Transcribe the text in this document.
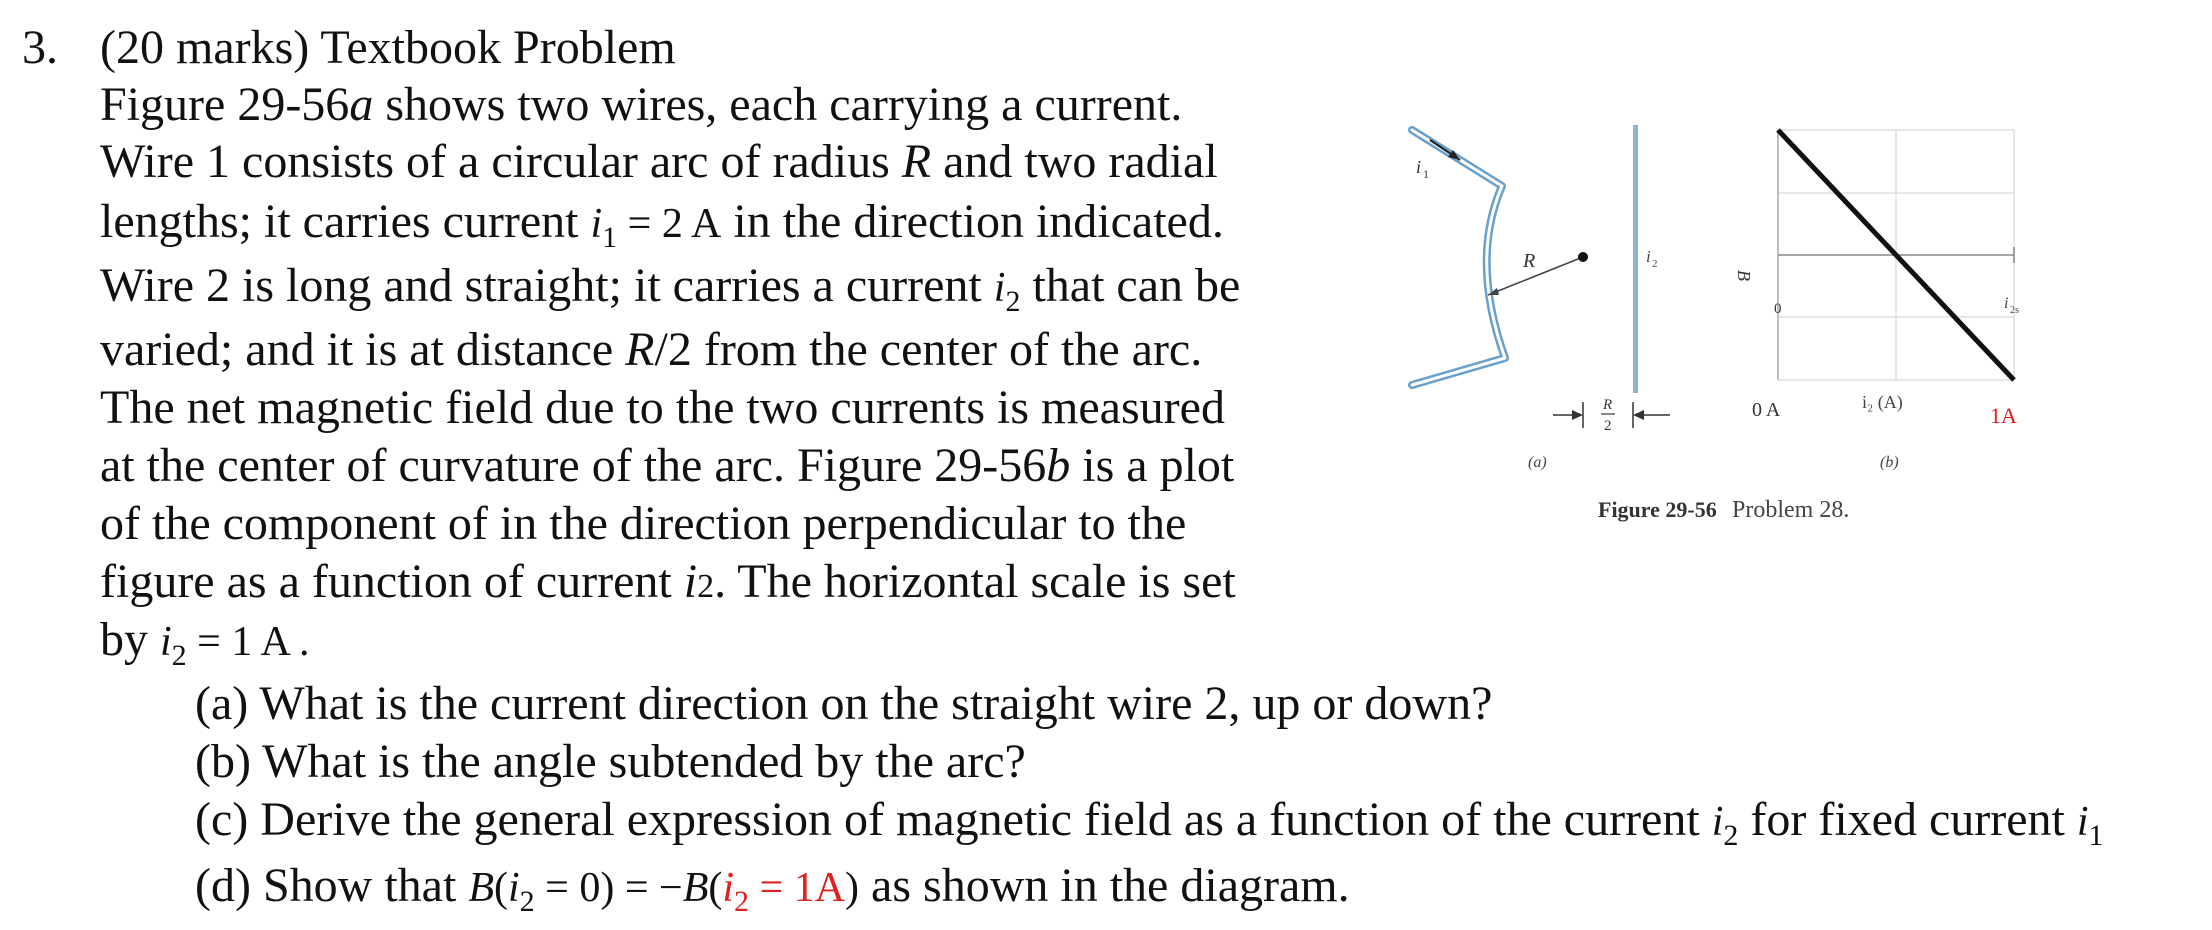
3. (20 marks) Textbook Problem
Figure 29-56a shows two wires, each carrying a current.
Wire 1 consists of a circular arc of radius R and two radial
lengths; it carries current $i_1 = 2$ A in the direction indicated.
Wire 2 is long and straight; it carries a current $i_2$ that can be
varied; and it is at distance R/2 from the center of the arc.
The net magnetic field due to the two currents is measured
at the center of curvature of the arc. Figure 29-56b is a plot
of the component of in the direction perpendicular to the
figure as a function of current i2. The horizontal scale is set
by $i_2 = 1$ A .
(a) What is the current direction on the straight wire 2, up or down?
(b) What is the angle subtended by the arc?
(c) Derive the general expression of magnetic field as a function of the current $i_2$ for fixed current $i_1$
(d) Show that $B(i_2 = 0) = -B(i_2 = 1A)$ as shown in the diagram.
i 1
R	i 2
R
2
(a)
B
0	i 2s
i₂ (A)
0 A	1A
(b)
Figure 29-56 Problem 28.
